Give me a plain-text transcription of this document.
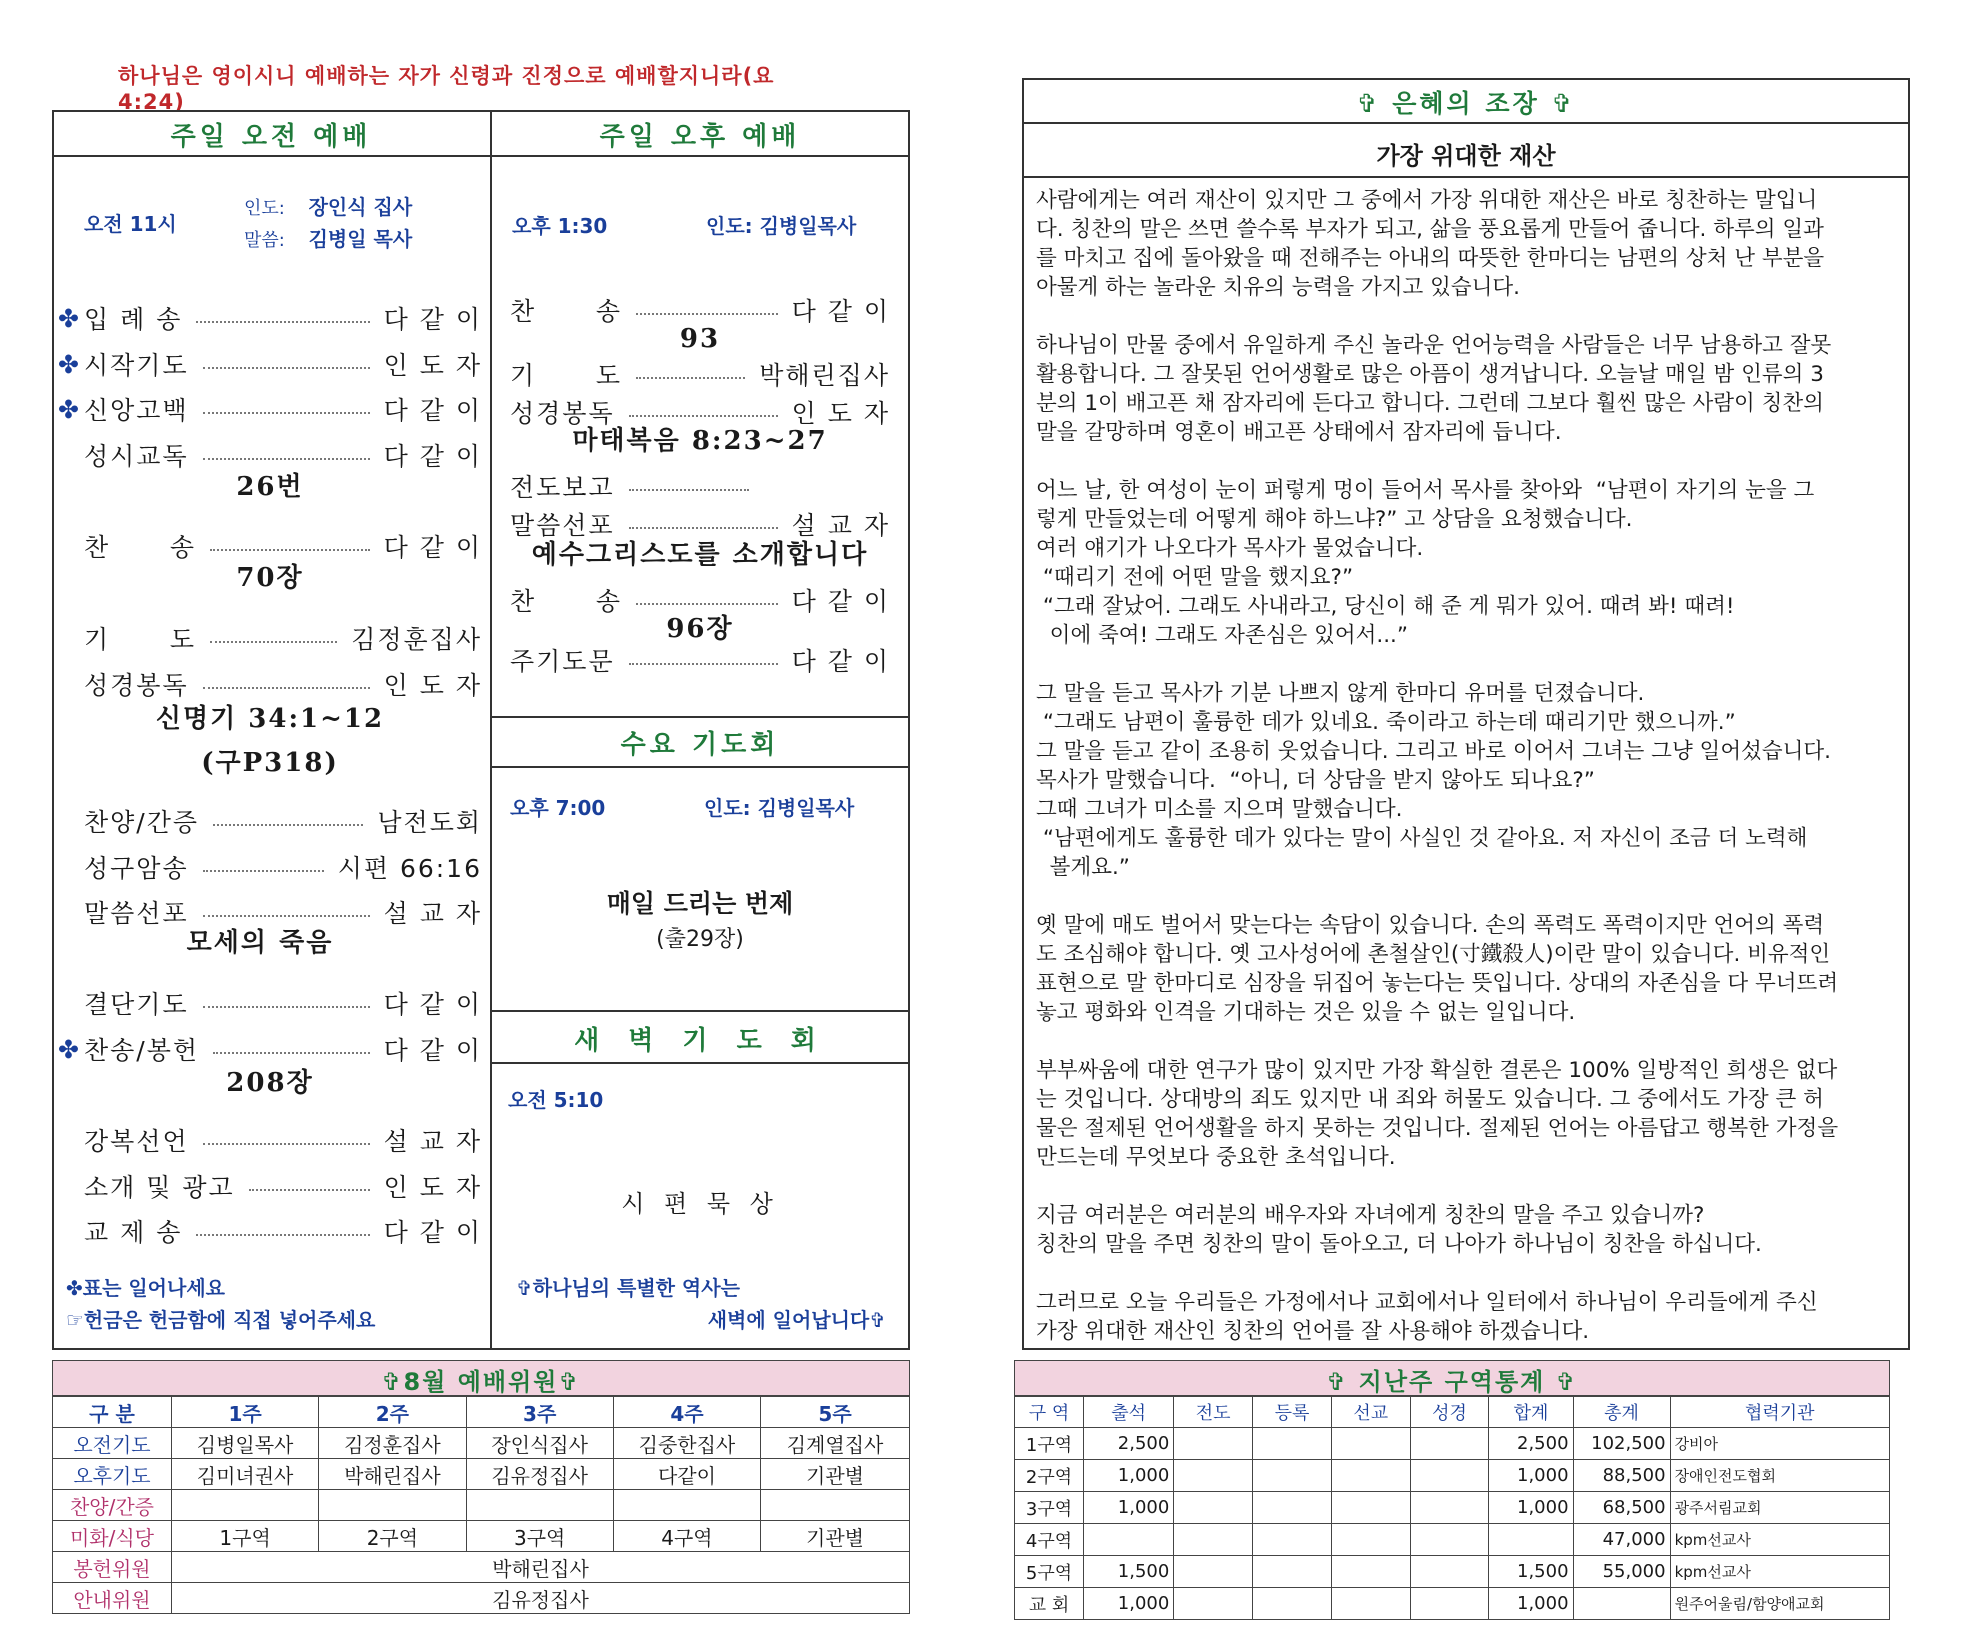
하나님은 영이시니 예배하는 자가 신령과 진정으로 예배할지니라(요4:24)
주일 오전 예배
오전 11시
인도: 장인식 집사
말씀: 김병일 목사
✤ 입 례 송	다 같 이
✤ 시작기도	인 도 자
✤ 신앙고백	다 같 이
성시교독	다 같 이
찬      송	다 같 이
기      도	김정훈집사
성경봉독	인 도 자
찬양/간증	남전도회
성구암송	시편 66:16
말씀선포	설 교 자
결단기도	다 같 이
✤ 찬송/봉헌	다 같 이
강복선언	설 교 자
소개 및 광고	인 도 자
교 제 송	다 같 이
26번
70장
신명기 34:1~12
(구P318)
모세의 죽음
208장
✤표는 일어나세요
☞헌금은 헌금함에 직접 넣어주세요
주일 오후 예배
오후 1:30	인도: 김병일목사
찬      송	다 같 이
기      도	박해린집사
성경봉독	인 도 자
전도보고
말씀선포	설 교 자
찬      송	다 같 이
주기도문	다 같 이
93
마태복음 8:23~27
예수그리스도를 소개합니다
96장
수요 기도회
오후 7:00	인도: 김병일목사
매일 드리는 번제
(출29장)
새 벽 기 도 회
오전 5:10
시 편 묵 상
✞하나님의 특별한 역사는
새벽에 일어납니다✞
✞8월 예배위원✞
구 분	1주	2주	3주	4주	5주
오전기도	김병일목사	김정훈집사	장인식집사	김중한집사	김계열집사
오후기도	김미녀권사	박해린집사	김유정집사	다같이	기관별
찬양/간증					
미화/식당	1구역	2구역	3구역	4구역	기관별
봉헌위원	박해린집사				
안내위원	김유정집사				
✞ 은혜의 조장 ✞
가장 위대한 재산
사람에게는 여러 재산이 있지만 그 중에서 가장 위대한 재산은 바로 칭찬하는 말입니
다. 칭찬의 말은 쓰면 쓸수록 부자가 되고, 삶을 풍요롭게 만들어 줍니다. 하루의 일과
를 마치고 집에 돌아왔을 때 전해주는 아내의 따뜻한 한마디는 남편의 상처 난 부분을
아물게 하는 놀라운 치유의 능력을 가지고 있습니다.
하나님이 만물 중에서 유일하게 주신 놀라운 언어능력을 사람들은 너무 남용하고 잘못
활용합니다. 그 잘못된 언어생활로 많은 아픔이 생겨납니다. 오늘날 매일 밤 인류의 3
분의 1이 배고픈 채 잠자리에 든다고 합니다. 그런데 그보다 훨씬 많은 사람이 칭찬의
말을 갈망하며 영혼이 배고픈 상태에서 잠자리에 듭니다.
어느 날, 한 여성이 눈이 퍼렇게 멍이 들어서 목사를 찾아와  “남편이 자기의 눈을 그
렇게 만들었는데 어떻게 해야 하느냐?” 고 상담을 요청했습니다.
여러 얘기가 나오다가 목사가 물었습니다.
“때리기 전에 어떤 말을 했지요?”
“그래 잘났어. 그래도 사내라고, 당신이 해 준 게 뭐가 있어. 때려 봐! 때려!
이에 죽여! 그래도 자존심은 있어서...”
그 말을 듣고 목사가 기분 나쁘지 않게 한마디 유머를 던졌습니다.
“그래도 남편이 훌륭한 데가 있네요. 죽이라고 하는데 때리기만 했으니까.”
그 말을 듣고 같이 조용히 웃었습니다. 그리고 바로 이어서 그녀는 그냥 일어섰습니다.
목사가 말했습니다.  “아니, 더 상담을 받지 않아도 되나요?”
그때 그녀가 미소를 지으며 말했습니다.
“남편에게도 훌륭한 데가 있다는 말이 사실인 것 같아요. 저 자신이 조금 더 노력해
볼게요.”
옛 말에 매도 벌어서 맞는다는 속담이 있습니다. 손의 폭력도 폭력이지만 언어의 폭력
도 조심해야 합니다. 옛 고사성어에 촌철살인(寸鐵殺人)이란 말이 있습니다. 비유적인
표현으로 말 한마디로 심장을 뒤집어 놓는다는 뜻입니다. 상대의 자존심을 다 무너뜨려
놓고 평화와 인격을 기대하는 것은 있을 수 없는 일입니다.
부부싸움에 대한 연구가 많이 있지만 가장 확실한 결론은 100% 일방적인 희생은 없다
는 것입니다. 상대방의 죄도 있지만 내 죄와 허물도 있습니다. 그 중에서도 가장 큰 허
물은 절제된 언어생활을 하지 못하는 것입니다. 절제된 언어는 아름답고 행복한 가정을
만드는데 무엇보다 중요한 초석입니다.
지금 여러분은 여러분의 배우자와 자녀에게 칭찬의 말을 주고 있습니까?
칭찬의 말을 주면 칭찬의 말이 돌아오고, 더 나아가 하나님이 칭찬을 하십니다.
그러므로 오늘 우리들은 가정에서나 교회에서나 일터에서 하나님이 우리들에게 주신
가장 위대한 재산인 칭찬의 언어를 잘 사용해야 하겠습니다.
✞ 지난주 구역통계 ✞
구 역	출석	전도	등록	선교	성경	합계	총계	협력기관
1구역	2,500					2,500	102,500	강비아
2구역	1,000					1,000	88,500	장애인전도협회
3구역	1,000					1,000	68,500	광주서림교회
4구역							47,000	kpm선교사
5구역	1,500					1,500	55,000	kpm선교사
교 회	1,000					1,000		원주어울림/함양애교회
